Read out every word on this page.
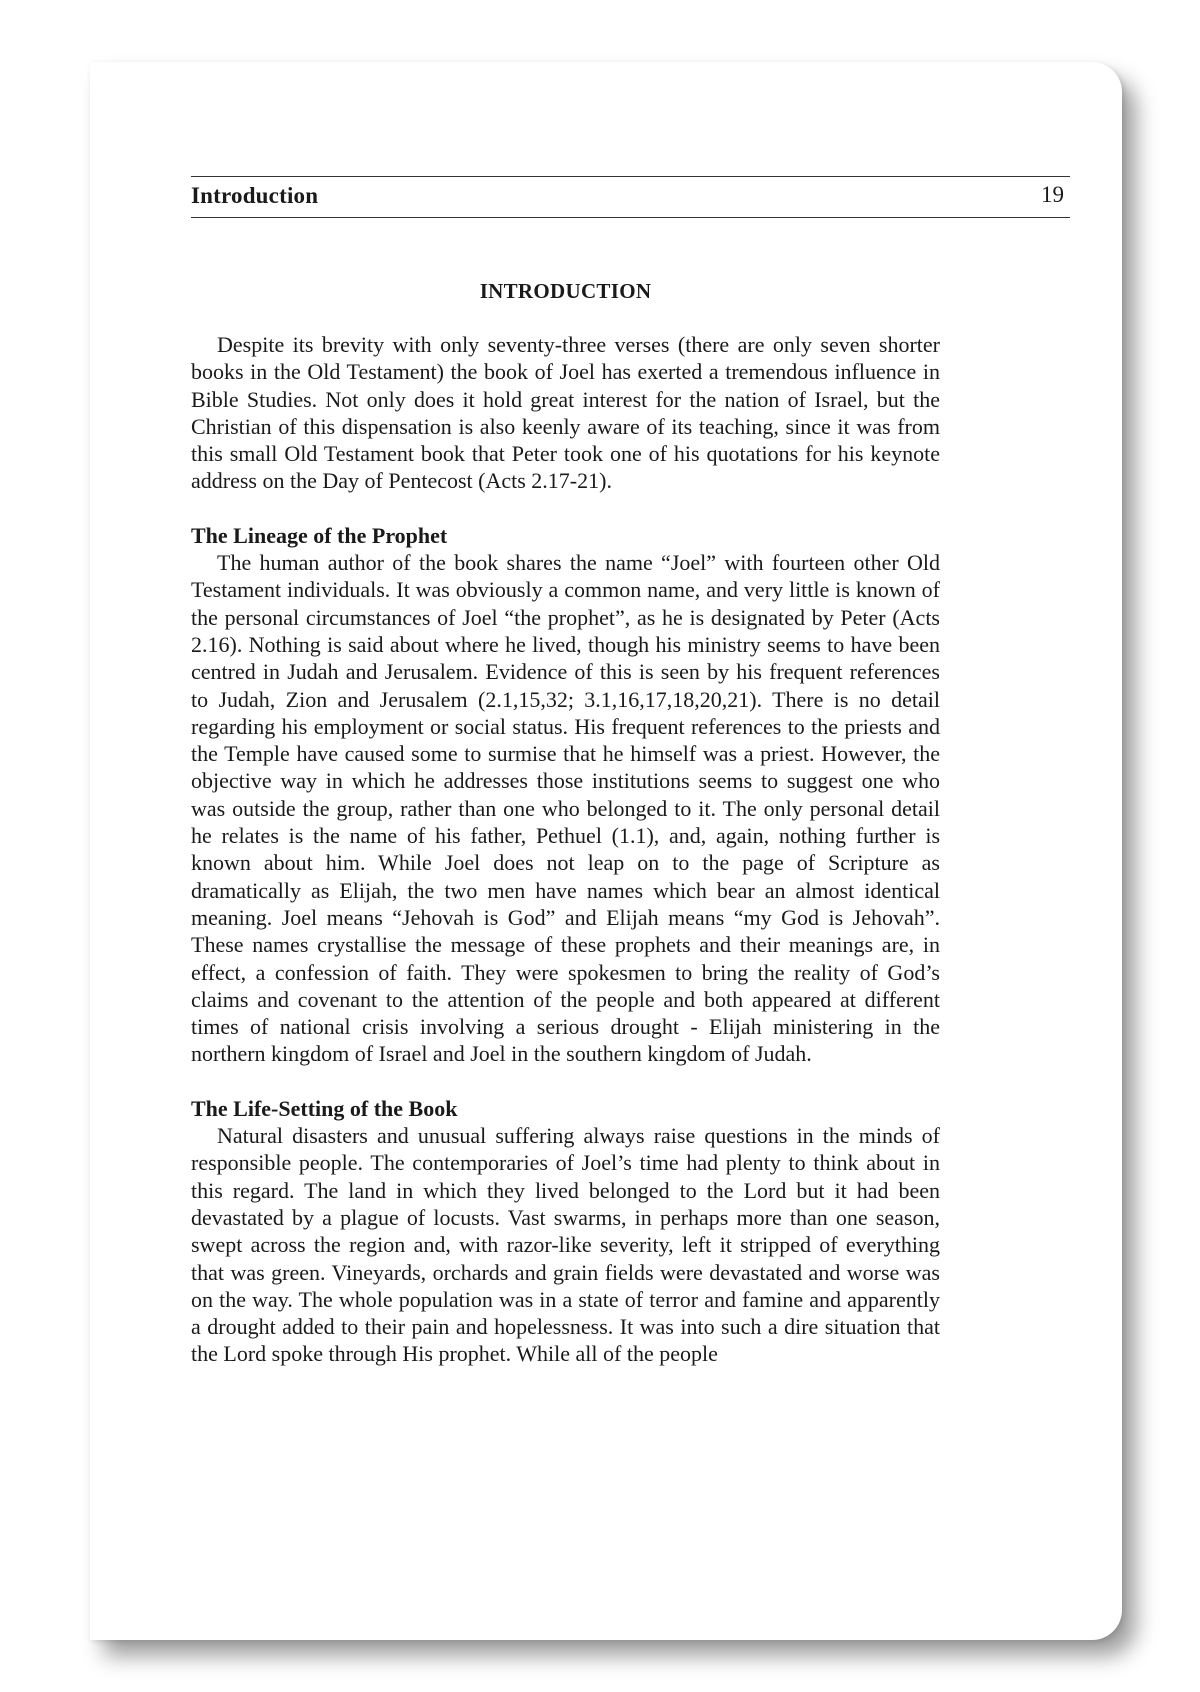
Introduction	19
INTRODUCTION

Despite its brevity with only seventy-three verses (there are only seven shorter books in the Old Testament) the book of Joel has exerted a tremendous influence in Bible Studies. Not only does it hold great interest for the nation of Israel, but the Christian of this dispensation is also keenly aware of its teaching, since it was from this small Old Testament book that Peter took one of his quotations for his keynote address on the Day of Pentecost (Acts 2.17-21).

The Lineage of the Prophet

The human author of the book shares the name “Joel” with fourteen other Old Testament individuals. It was obviously a common name, and very little is known of the personal circumstances of Joel “the prophet”, as he is designated by Peter (Acts 2.16). Nothing is said about where he lived, though his ministry seems to have been centred in Judah and Jerusalem. Evidence of this is seen by his frequent references to Judah, Zion and Jerusalem (2.1,15,32; 3.1,16,17,18,20,21). There is no detail regarding his employment or social status. His frequent references to the priests and the Temple have caused some to surmise that he himself was a priest. However, the objective way in which he addresses those institutions seems to suggest one who was outside the group, rather than one who belonged to it. The only personal detail he relates is the name of his father, Pethuel (1.1), and, again, nothing further is known about him. While Joel does not leap on to the page of Scripture as dramatically as Elijah, the two men have names which bear an almost identical meaning. Joel means “Jehovah is God” and Elijah means “my God is Jehovah”. These names crystallise the message of these prophets and their meanings are, in effect, a confession of faith. They were spokesmen to bring the reality of God’s claims and covenant to the attention of the people and both appeared at different times of national crisis involving a serious drought - Elijah ministering in the northern kingdom of Israel and Joel in the southern kingdom of Judah.

The Life-Setting of the Book

Natural disasters and unusual suffering always raise questions in the minds of responsible people. The contemporaries of Joel’s time had plenty to think about in this regard. The land in which they lived belonged to the Lord but it had been devastated by a plague of locusts. Vast swarms, in perhaps more than one season, swept across the region and, with razor-like severity, left it stripped of everything that was green. Vineyards, orchards and grain fields were devastated and worse was on the way. The whole population was in a state of terror and famine and apparently a drought added to their pain and hopelessness. It was into such a dire situation that the Lord spoke through His prophet. While all of the people
